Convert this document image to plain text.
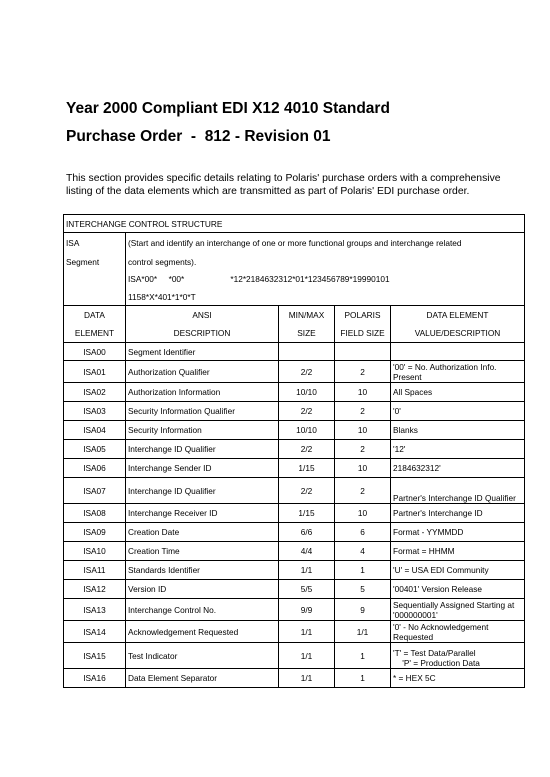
Year 2000 Compliant EDI X12 4010 Standard
Purchase Order  -  812 - Revision 01
This section provides specific details relating to Polaris' purchase orders with a comprehensive listing of the data elements which are transmitted as part of Polaris' EDI purchase order.
INTERCHANGE CONTROL STRUCTURE				
ISA	(Start and identify an interchange of one or more functional groups and interchange related			
Segment	control segments).			
	ISA*00*     *00*                    *12*2184632312*01*123456789*19990101			
	1158*X*401*1*0*T			
DATA	ANSI	MIN/MAX	POLARIS	DATA ELEMENT
ELEMENT	DESCRIPTION	SIZE	FIELD SIZE	VALUE/DESCRIPTION
ISA00	Segment Identifier			
ISA01	Authorization Qualifier	2/2	2	'00' = No. Authorization Info. Present
ISA02	Authorization Information	10/10	10	All Spaces
ISA03	Security Information Qualifier	2/2	2	'0'
ISA04	Security Information	10/10	10	Blanks
ISA05	Interchange ID Qualifier	2/2	2	'12'
ISA06	Interchange Sender ID	1/15	10	2184632312'
ISA07	Interchange ID Qualifier	2/2	2	Partner's Interchange ID Qualifier
ISA08	Interchange Receiver ID	1/15	10	Partner's Interchange ID
ISA09	Creation Date	6/6	6	Format - YYMMDD
ISA10	Creation Time	4/4	4	Format = HHMM
ISA11	Standards Identifier	1/1	1	'U' = USA EDI Community
ISA12	Version ID	5/5	5	'00401' Version Release
ISA13	Interchange Control No.	9/9	9	Sequentially Assigned Starting at '000000001'
ISA14	Acknowledgement Requested	1/1	1/1	'0' - No Acknowledgement Requested
ISA15	Test Indicator	1/1	1	'T' = Test Data/Parallel
'P' = Production Data
ISA16	Data Element Separator	1/1	1	* = HEX 5C
